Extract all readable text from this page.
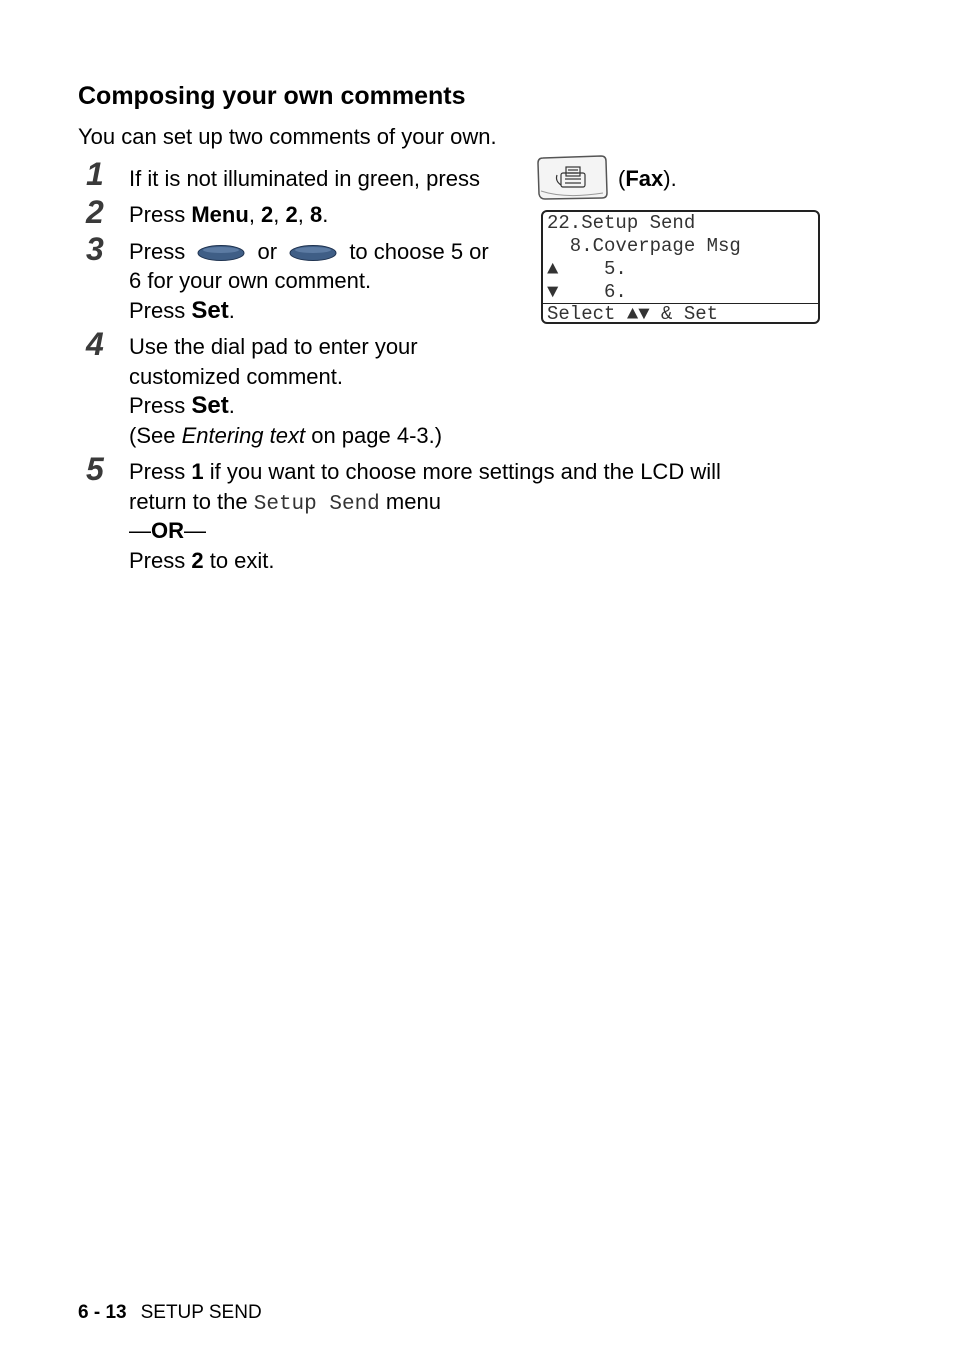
Composing your own comments
You can set up two comments of your own.
1 If it is not illuminated in green, press	(Fax).
2 Press Menu, 2, 2, 8.	22.Setup Send
8.Coverpage Msg
▲    5.
▼    6.
Select ▲▼ & Set
3 Press	or	to choose 5 or
6 for your own comment.
Press Set.
4 Use the dial pad to enter your
customized comment.
Press Set.
(See Entering text on page 4-3.)
5 Press 1 if you want to choose more settings and the LCD will
return to the Setup Send menu
—OR—
Press 2 to exit.
6 - 13 SETUP SEND
